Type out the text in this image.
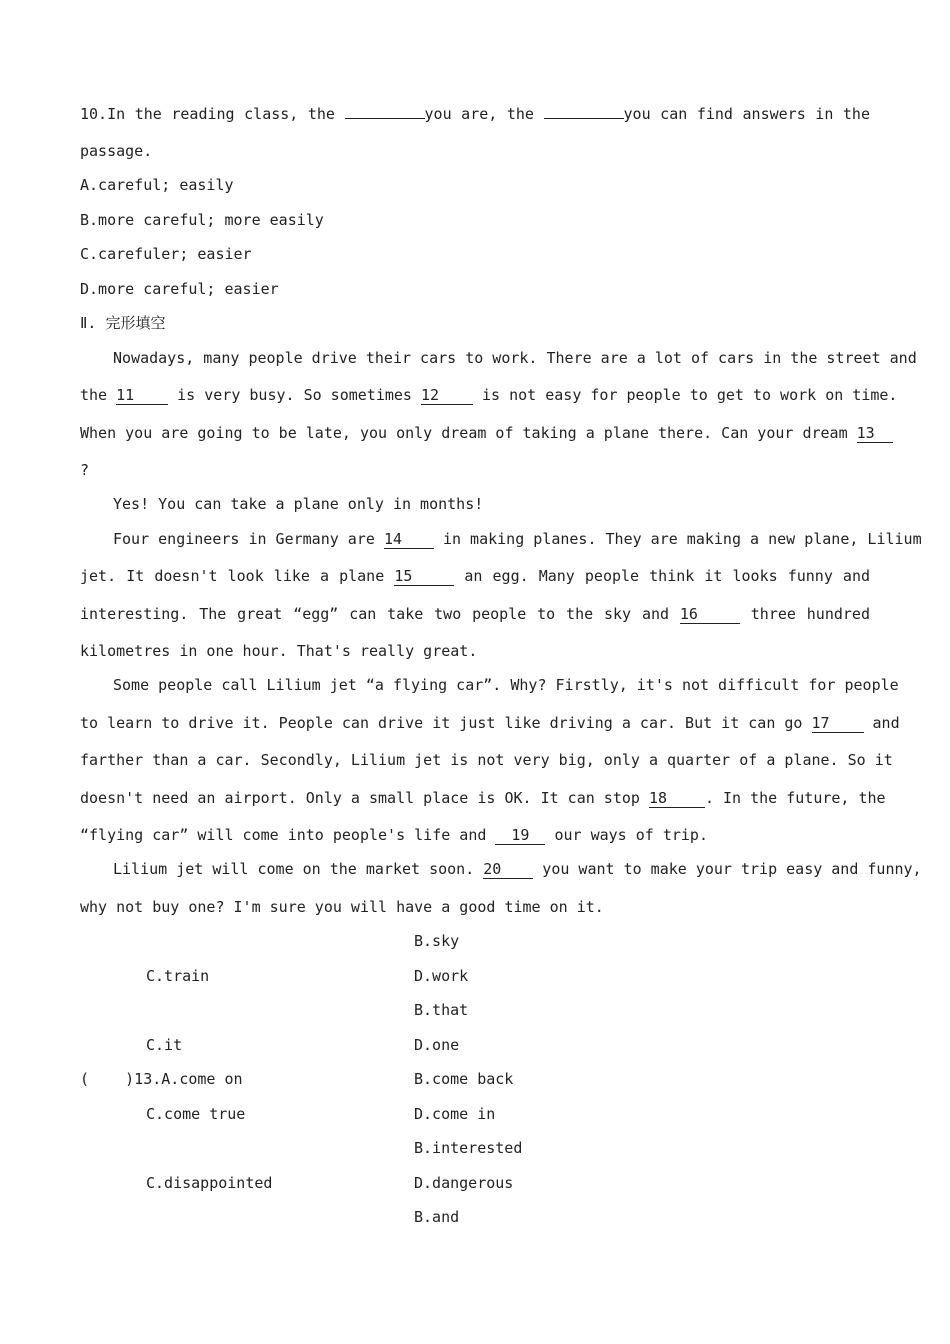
10.In the reading class, the	you are, the	you can find answers in the
passage.
A.careful; easily
B.more careful; more easily
C.carefuler; easier
D.more careful; easier
Ⅱ. 完形填空
Nowadays, many people drive their cars to work. There are a lot of cars in the street and
the 11	is very busy. So sometimes 12	is not easy for people to get to work on time.
When you are going to be late, you only dream of taking a plane there. Can your dream 13
?
Yes! You can take a plane only in months!
Four engineers in Germany are 14	in making planes. They are making a new plane, Lilium
jet. It doesn't look like a plane 15	an egg. Many people think it looks funny and
interesting. The great “egg” can take two people to the sky and 16	three hundred
kilometres in one hour. That's really great.
Some people call Lilium jet “a flying car”. Why? Firstly, it's not difficult for people
to learn to drive it. People can drive it just like driving a car. But it can go 17	and
farther than a car. Secondly, Lilium jet is not very big, only a quarter of a plane. So it
doesn't need an airport. Only a small place is OK. It can stop 18	. In the future, the
“flying car” will come into people's life and 19 our ways of trip.
Lilium jet will come on the market soon. 20	you want to make your trip easy and funny,
why not buy one? I'm sure you will have a good time on it.
B.sky
C.train	D.work
B.that
C.it	D.one
(    )13.A.come on	B.come back
C.come true	D.come in
B.interested
C.disappointed	D.dangerous
B.and
